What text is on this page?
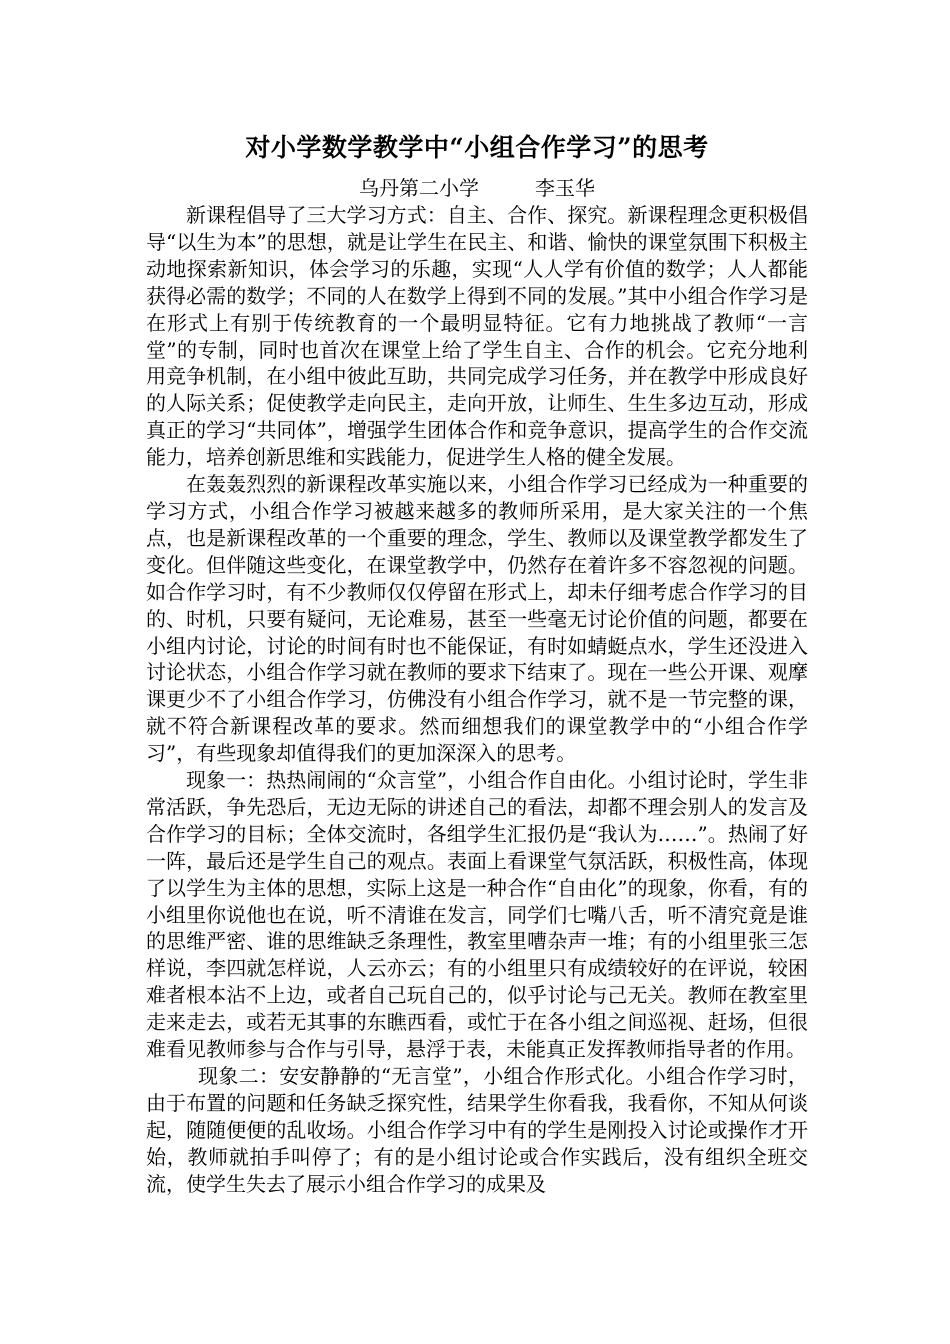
对小学数学教学中“小组合作学习”的思考
乌丹第二小学	李玉华

新课程倡导了三大学习方式：自主、合作、探究。新课程理念更积极倡导“以生为本”的思想，就是让学生在民主、和谐、愉快的课堂氛围下积极主动地探索新知识，体会学习的乐趣，实现“人人学有价值的数学；人人都能获得必需的数学；不同的人在数学上得到不同的发展。”其中小组合作学习是在形式上有别于传统教育的一个最明显特征。它有力地挑战了教师“一言堂”的专制，同时也首次在课堂上给了学生自主、合作的机会。它充分地利用竞争机制，在小组中彼此互助，共同完成学习任务，并在教学中形成良好的人际关系；促使教学走向民主，走向开放，让师生、生生多边互动，形成真正的学习“共同体”，增强学生团体合作和竞争意识，提高学生的合作交流能力，培养创新思维和实践能力，促进学生人格的健全发展。

在轰轰烈烈的新课程改革实施以来，小组合作学习已经成为一种重要的学习方式，小组合作学习被越来越多的教师所采用，是大家关注的一个焦点，也是新课程改革的一个重要的理念，学生、教师以及课堂教学都发生了变化。但伴随这些变化，在课堂教学中，仍然存在着许多不容忽视的问题。如合作学习时，有不少教师仅仅停留在形式上，却未仔细考虑合作学习的目的、时机，只要有疑问，无论难易，甚至一些毫无讨论价值的问题，都要在小组内讨论，讨论的时间有时也不能保证，有时如蜻蜓点水，学生还没进入讨论状态，小组合作学习就在教师的要求下结束了。现在一些公开课、观摩课更少不了小组合作学习，仿佛没有小组合作学习，就不是一节完整的课，就不符合新课程改革的要求。然而细想我们的课堂教学中的“小组合作学习”，有些现象却值得我们的更加深深入的思考。

现象一：热热闹闹的“众言堂”，小组合作自由化。小组讨论时，学生非常活跃，争先恐后，无边无际的讲述自己的看法，却都不理会别人的发言及合作学习的目标；全体交流时，各组学生汇报仍是“我认为……”。热闹了好一阵，最后还是学生自己的观点。表面上看课堂气氛活跃，积极性高，体现了以学生为主体的思想，实际上这是一种合作“自由化”的现象，你看，有的小组里你说他也在说，听不清谁在发言，同学们七嘴八舌，听不清究竟是谁的思维严密、谁的思维缺乏条理性，教室里嘈杂声一堆；有的小组里张三怎样说，李四就怎样说，人云亦云；有的小组里只有成绩较好的在评说，较困难者根本沾不上边，或者自己玩自己的，似乎讨论与己无关。教师在教室里走来走去，或若无其事的东瞧西看，或忙于在各小组之间巡视、赶场，但很难看见教师参与合作与引导，悬浮于表，未能真正发挥教师指导者的作用。

现象二：安安静静的“无言堂”，小组合作形式化。小组合作学习时，由于布置的问题和任务缺乏探究性，结果学生你看我，我看你，不知从何谈起，随随便便的乱收场。小组合作学习中有的学生是刚投入讨论或操作才开始，教师就拍手叫停了；有的是小组讨论或合作实践后，没有组织全班交流，使学生失去了展示小组合作学习的成果及
